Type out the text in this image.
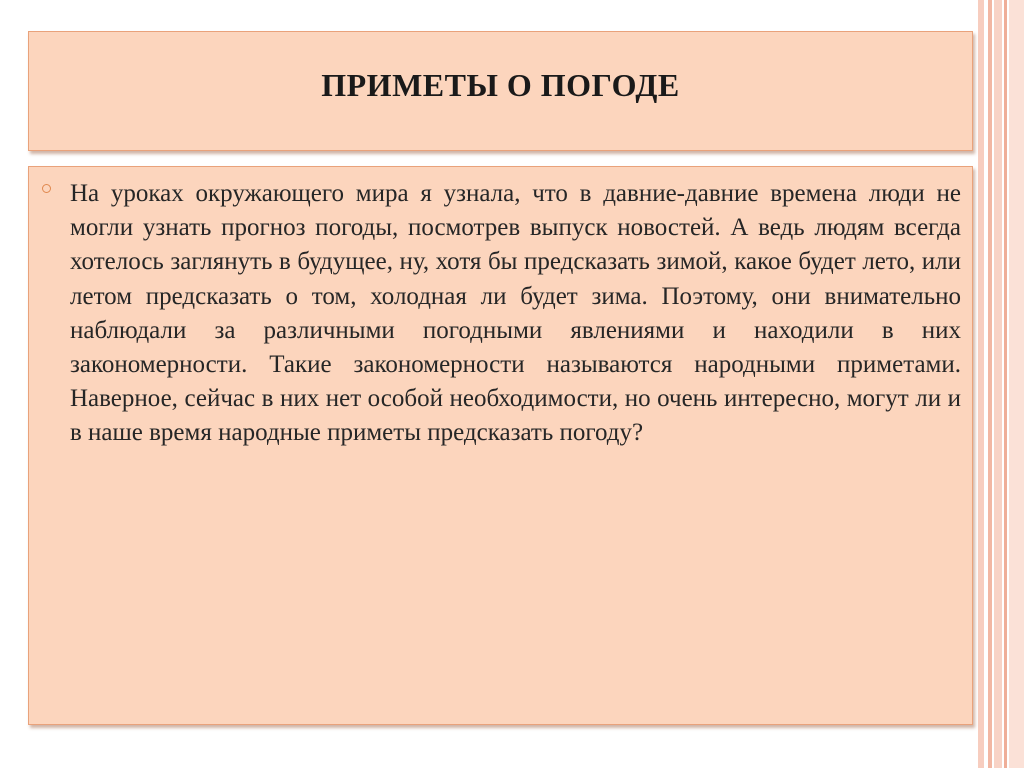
ПРИМЕТЫ О ПОГОДЕ

На уроках окружающего мира я узнала, что в давние-давние времена люди не могли узнать прогноз погоды, посмотрев выпуск новостей. А ведь людям всегда хотелось заглянуть в будущее, ну, хотя бы предсказать зимой, какое будет лето, или летом предсказать о том, холодная ли будет зима. Поэтому, они внимательно наблюдали за различными погодными явлениями и находили в них закономерности. Такие закономерности называются народными приметами. Наверное, сейчас в них нет особой необходимости, но очень интересно, могут ли и в наше время народные приметы предсказать погоду?
